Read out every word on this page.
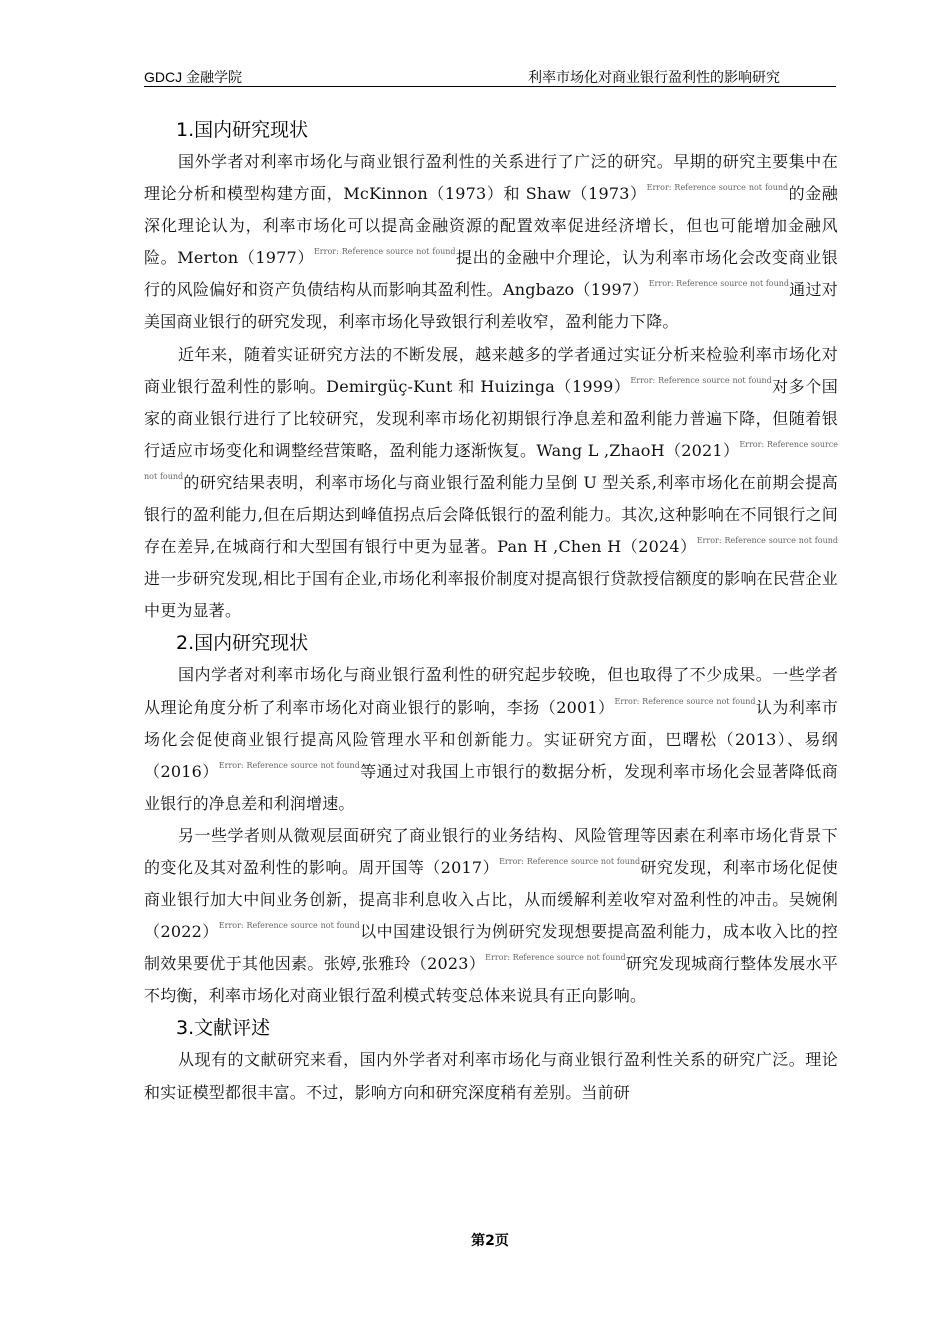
GDCJ 金融学院	利率市场化对商业银行盈利性的影响研究
1.国内研究现状

国外学者对利率市场化与商业银行盈利性的关系进行了广泛的研究。早期的研究主要集中在理论分析和模型构建方面，McKinnon（1973）和 Shaw（1973）$^{Error: Reference source not found}$的金融深化理论认为，利率市场化可以提高金融资源的配置效率促进经济增长，但也可能增加金融风险。Merton（1977）$^{Error: Reference source not found}$提出的金融中介理论，认为利率市场化会改变商业银行的风险偏好和资产负债结构从而影响其盈利性。Angbazo（1997）$^{Error: Reference source not found}$通过对美国商业银行的研究发现，利率市场化导致银行利差收窄，盈利能力下降。

近年来，随着实证研究方法的不断发展，越来越多的学者通过实证分析来检验利率市场化对商业银行盈利性的影响。Demirgüç-Kunt 和 Huizinga（1999）$^{Error: Reference source not found}$对多个国家的商业银行进行了比较研究，发现利率市场化初期银行净息差和盈利能力普遍下降，但随着银行适应市场变化和调整经营策略，盈利能力逐渐恢复。Wang L ,ZhaoH（2021）$^{Error: Reference source not found}$的研究结果表明，利率市场化与商业银行盈利能力呈倒 U 型关系,利率市场化在前期会提高银行的盈利能力,但在后期达到峰值拐点后会降低银行的盈利能力。其次,这种影响在不同银行之间存在差异,在城商行和大型国有银行中更为显著。Pan H ,Chen H（2024）$^{Error: Reference source not found}$进一步研究发现,相比于国有企业,市场化利率报价制度对提高银行贷款授信额度的影响在民营企业中更为显著。

2.国内研究现状

国内学者对利率市场化与商业银行盈利性的研究起步较晚，但也取得了不少成果。一些学者从理论角度分析了利率市场化对商业银行的影响，李扬（2001）$^{Error: Reference source not found}$认为利率市场化会促使商业银行提高风险管理水平和创新能力。实证研究方面，巴曙松（2013）、易纲（2016）$^{Error: Reference source not found}$等通过对我国上市银行的数据分析，发现利率市场化会显著降低商业银行的净息差和利润增速。

另一些学者则从微观层面研究了商业银行的业务结构、风险管理等因素在利率市场化背景下的变化及其对盈利性的影响。周开国等（2017）$^{Error: Reference source not found}$研究发现，利率市场化促使商业银行加大中间业务创新，提高非利息收入占比，从而缓解利差收窄对盈利性的冲击。吴婉俐（2022）$^{Error: Reference source not found}$以中国建设银行为例研究发现想要提高盈利能力，成本收入比的控制效果要优于其他因素。张婷,张雅玲（2023）$^{Error: Reference source not found}$研究发现城商行整体发展水平不均衡，利率市场化对商业银行盈利模式转变总体来说具有正向影响。

3.文献评述

从现有的文献研究来看，国内外学者对利率市场化与商业银行盈利性关系的研究广泛。理论和实证模型都很丰富。不过，影响方向和研究深度稍有差别。当前研

第2页
